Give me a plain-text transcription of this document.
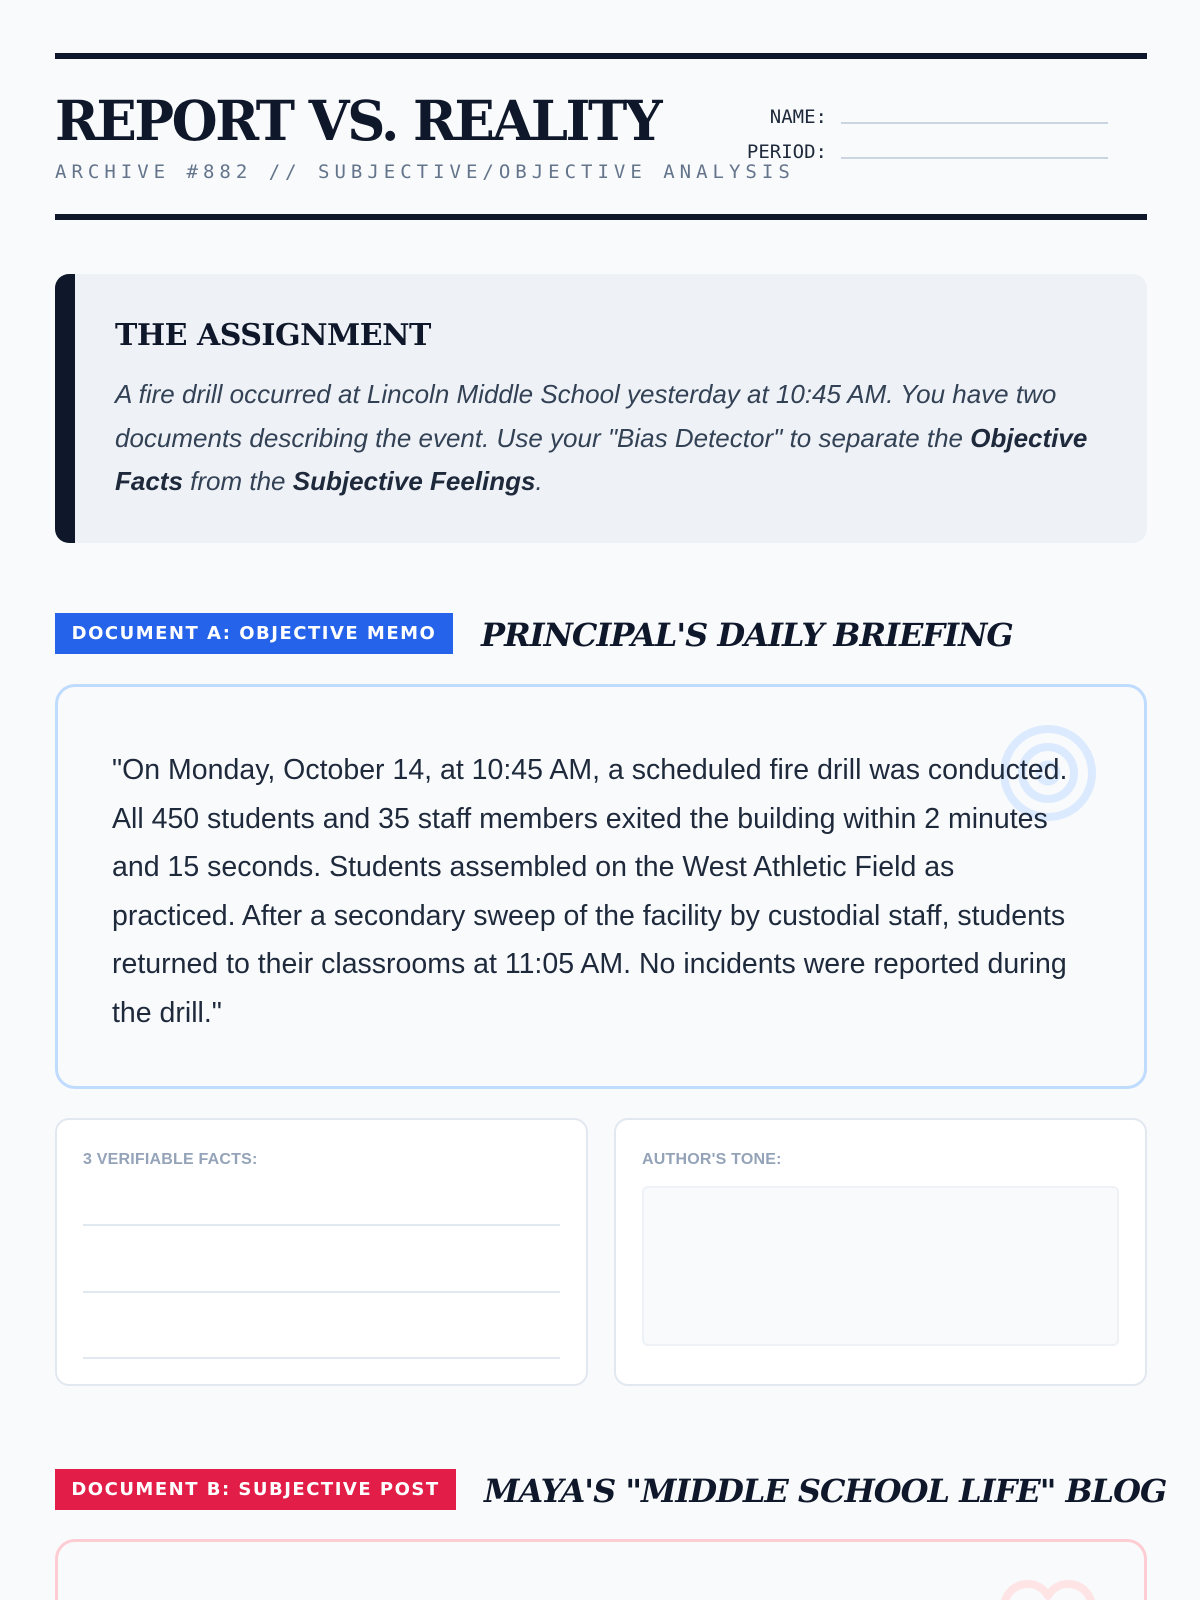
REPORT VS. REALITY
ARCHIVE #882 // SUBJECTIVE/OBJECTIVE ANALYSIS
NAME:
PERIOD:
THE ASSIGNMENT

A fire drill occurred at Lincoln Middle School yesterday at 10:45 AM. You have two documents describing the event. Use your "Bias Detector" to separate the Objective Facts from the Subjective Feelings.

DOCUMENT A: OBJECTIVE MEMO	PRINCIPAL'S DAILY BRIEFING

"On Monday, October 14, at 10:45 AM, a scheduled fire drill was conducted. All 450 students and 35 staff members exited the building within 2 minutes and 15 seconds. Students assembled on the West Athletic Field as practiced. After a secondary sweep of the facility by custodial staff, students returned to their classrooms at 11:05 AM. No incidents were reported during the drill."

3 VERIFIABLE FACTS:	AUTHOR'S TONE:
DOCUMENT B: SUBJECTIVE POST	MAYA'S "MIDDLE SCHOOL LIFE" BLOG
